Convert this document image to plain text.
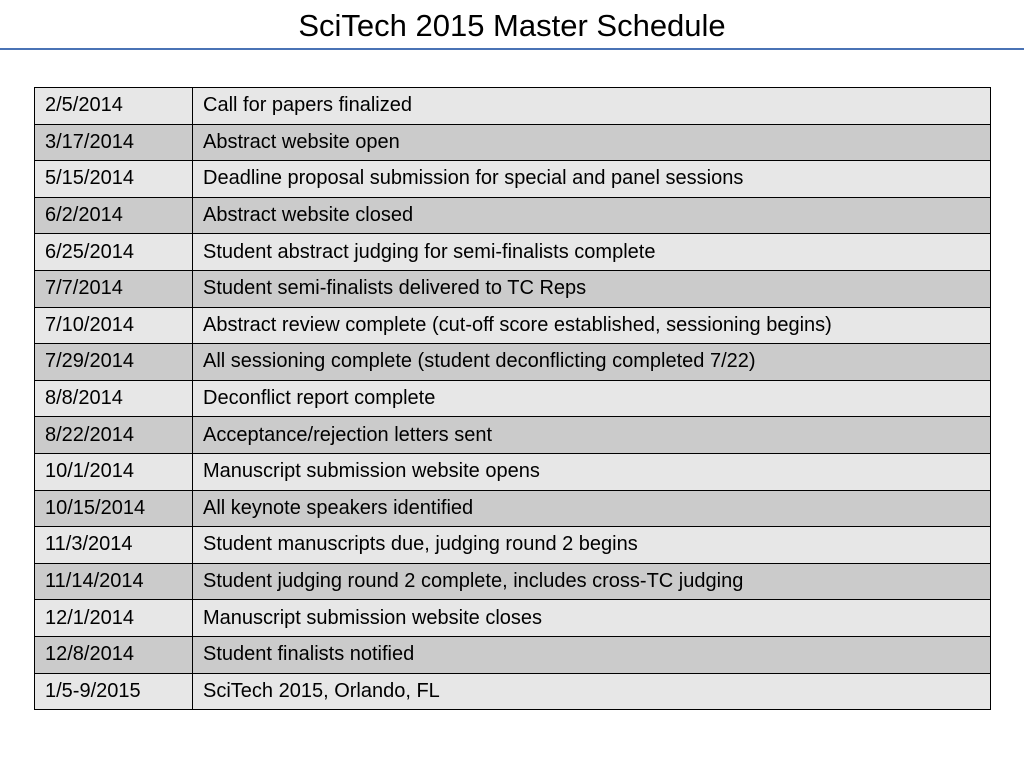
SciTech 2015 Master Schedule
2/5/2014	Call for papers finalized
3/17/2014	Abstract website open
5/15/2014	Deadline proposal submission for special and panel sessions
6/2/2014	Abstract website closed
6/25/2014	Student abstract judging for semi-finalists complete
7/7/2014	Student semi-finalists delivered to TC Reps
7/10/2014	Abstract review complete (cut-off score established, sessioning begins)
7/29/2014	All sessioning complete (student deconflicting completed 7/22)
8/8/2014	Deconflict report complete
8/22/2014	Acceptance/rejection letters sent
10/1/2014	Manuscript submission website opens
10/15/2014	All keynote speakers identified
11/3/2014	Student manuscripts due, judging round 2 begins
11/14/2014	Student judging round 2 complete, includes cross-TC judging
12/1/2014	Manuscript submission website closes
12/8/2014	Student finalists notified
1/5-9/2015	SciTech 2015, Orlando, FL
